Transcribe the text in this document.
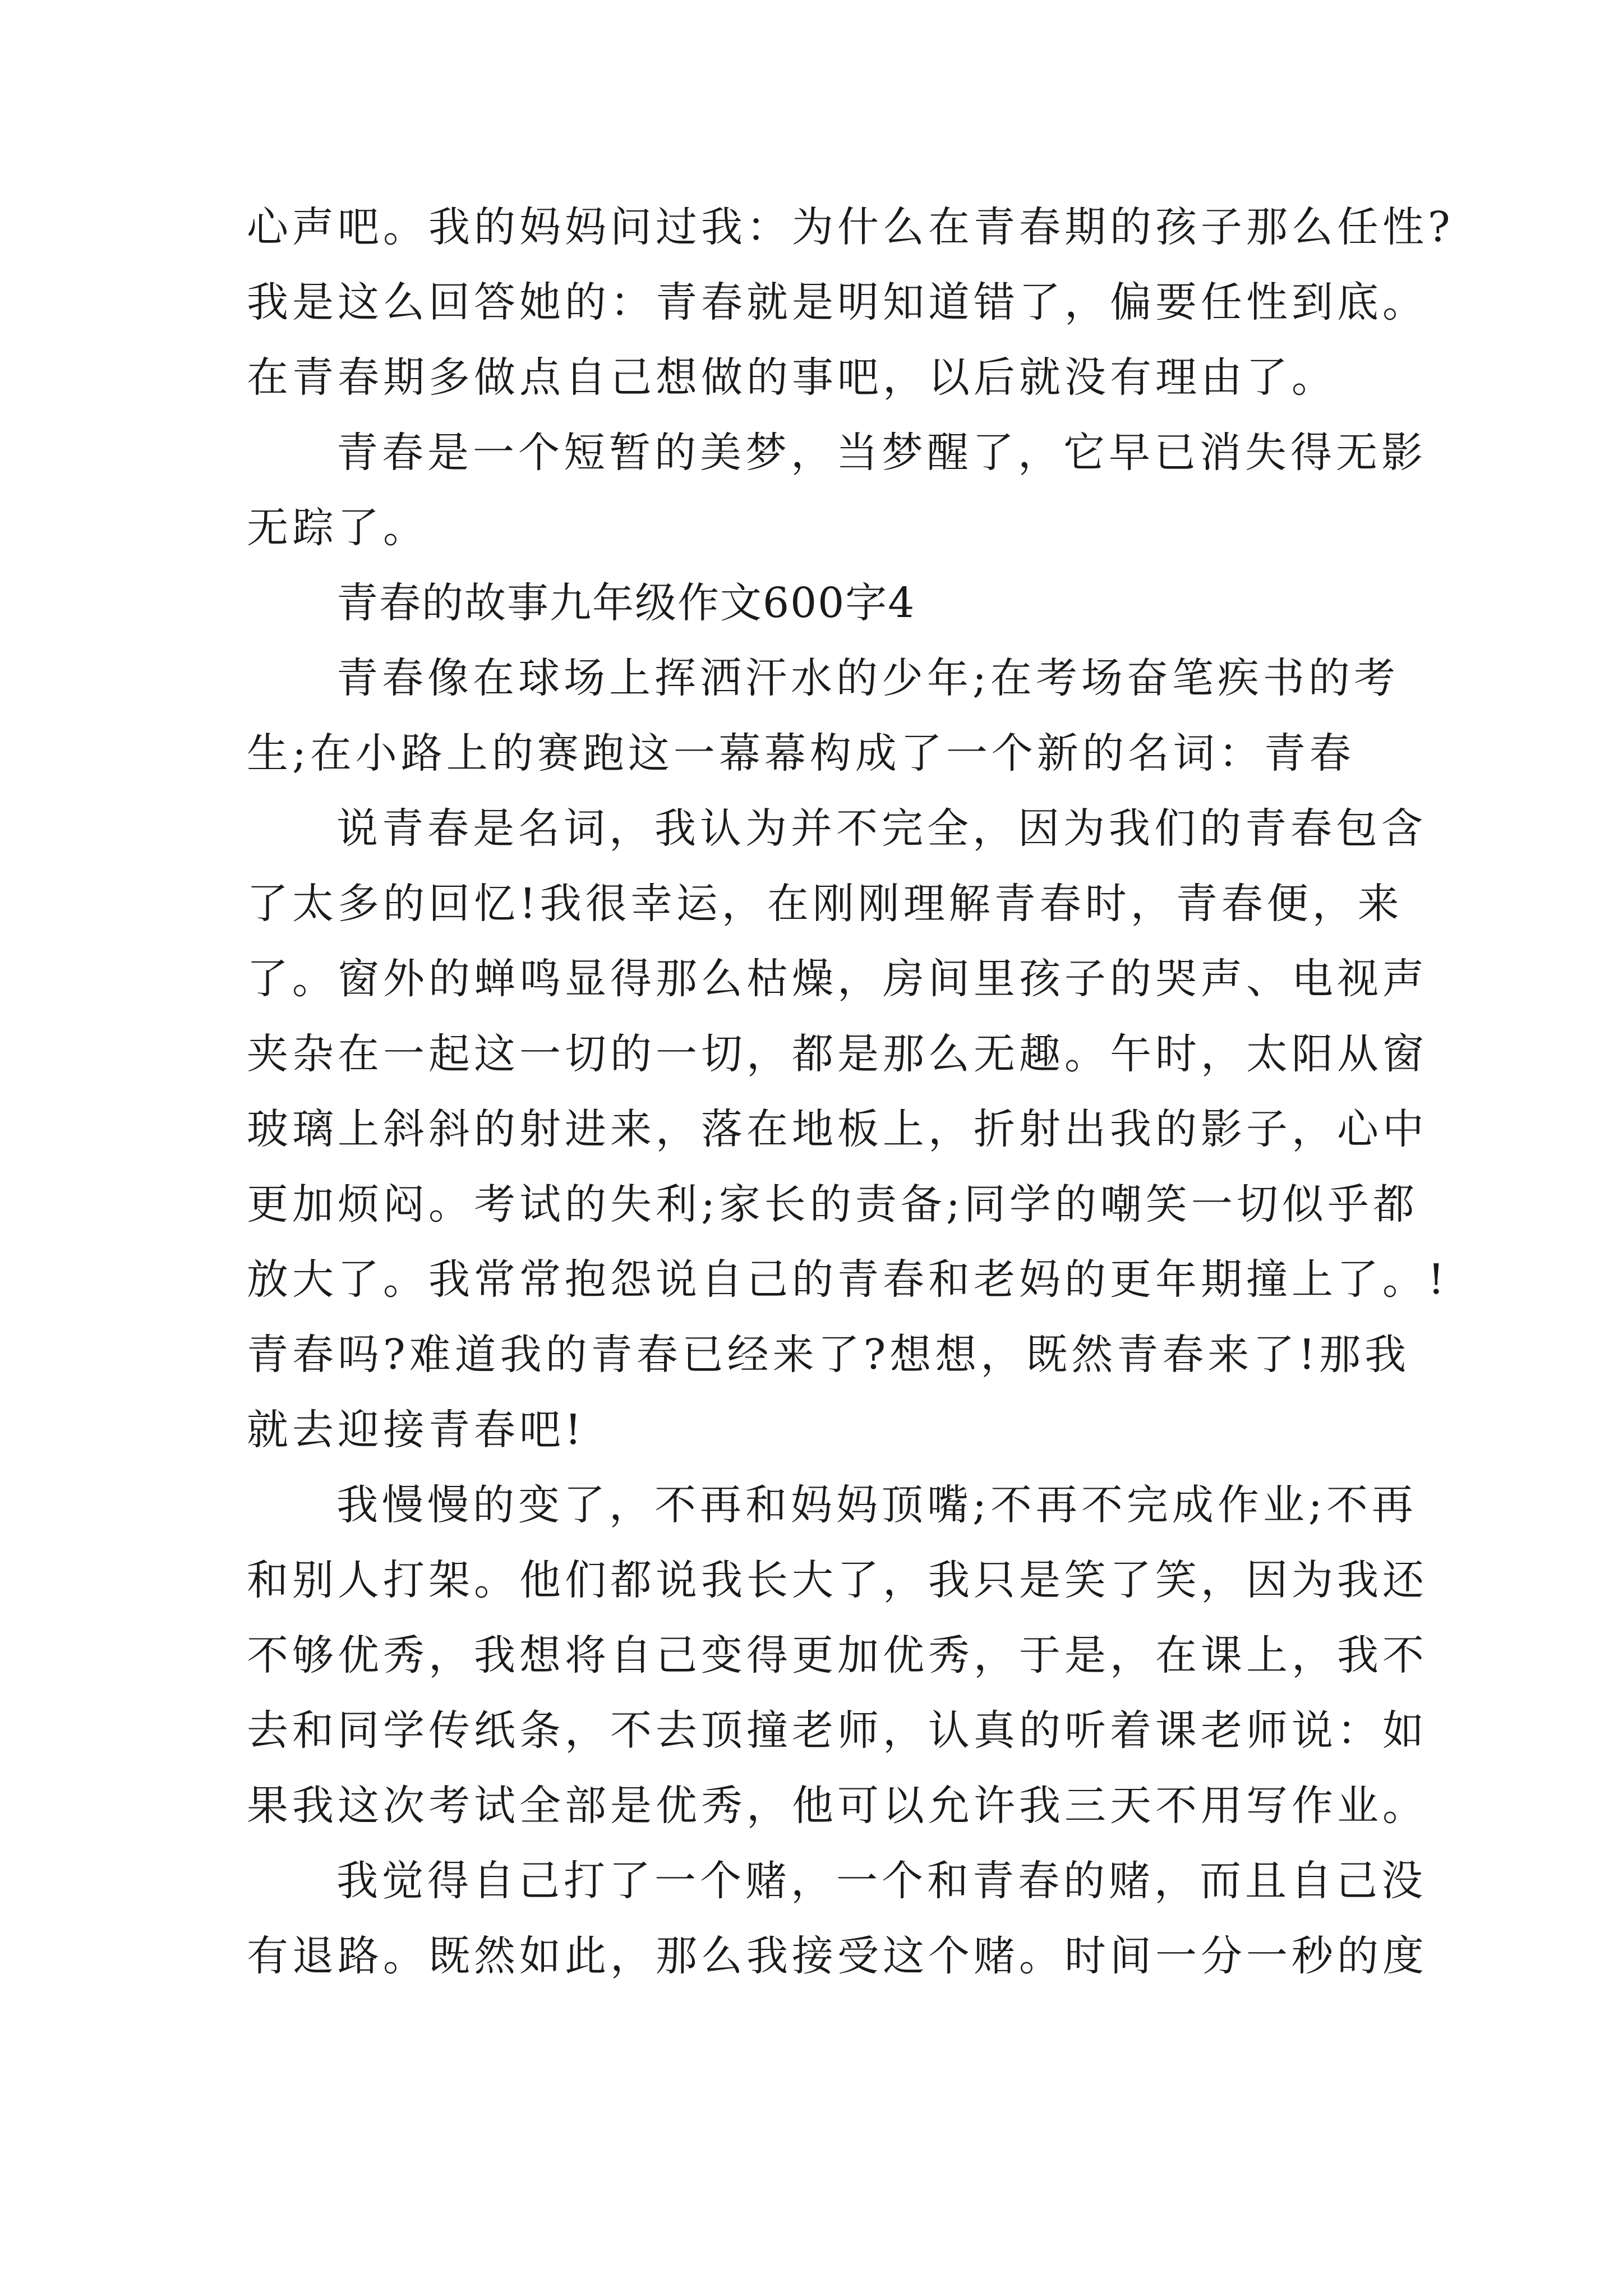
心声吧。我的妈妈问过我：为什么在青春期的孩子那么任性?
我是这么回答她的：青春就是明知道错了，偏要任性到底。
在青春期多做点自己想做的事吧，以后就没有理由了。
青春是一个短暂的美梦，当梦醒了，它早已消失得无影
无踪了。
青春的故事九年级作文600字4
青春像在球场上挥洒汗水的少年;在考场奋笔疾书的考
生;在小路上的赛跑这一幕幕构成了一个新的名词：青春
说青春是名词，我认为并不完全，因为我们的青春包含
了太多的回忆!我很幸运，在刚刚理解青春时，青春便，来
了。窗外的蝉鸣显得那么枯燥，房间里孩子的哭声、电视声
夹杂在一起这一切的一切，都是那么无趣。午时，太阳从窗
玻璃上斜斜的射进来，落在地板上，折射出我的影子，心中
更加烦闷。考试的失利;家长的责备;同学的嘲笑一切似乎都
放大了。我常常抱怨说自己的青春和老妈的更年期撞上了。!
青春吗?难道我的青春已经来了?想想，既然青春来了!那我
就去迎接青春吧!
我慢慢的变了，不再和妈妈顶嘴;不再不完成作业;不再
和别人打架。他们都说我长大了，我只是笑了笑，因为我还
不够优秀，我想将自己变得更加优秀，于是，在课上，我不
去和同学传纸条，不去顶撞老师，认真的听着课老师说：如
果我这次考试全部是优秀，他可以允许我三天不用写作业。
我觉得自己打了一个赌，一个和青春的赌，而且自己没
有退路。既然如此，那么我接受这个赌。时间一分一秒的度
